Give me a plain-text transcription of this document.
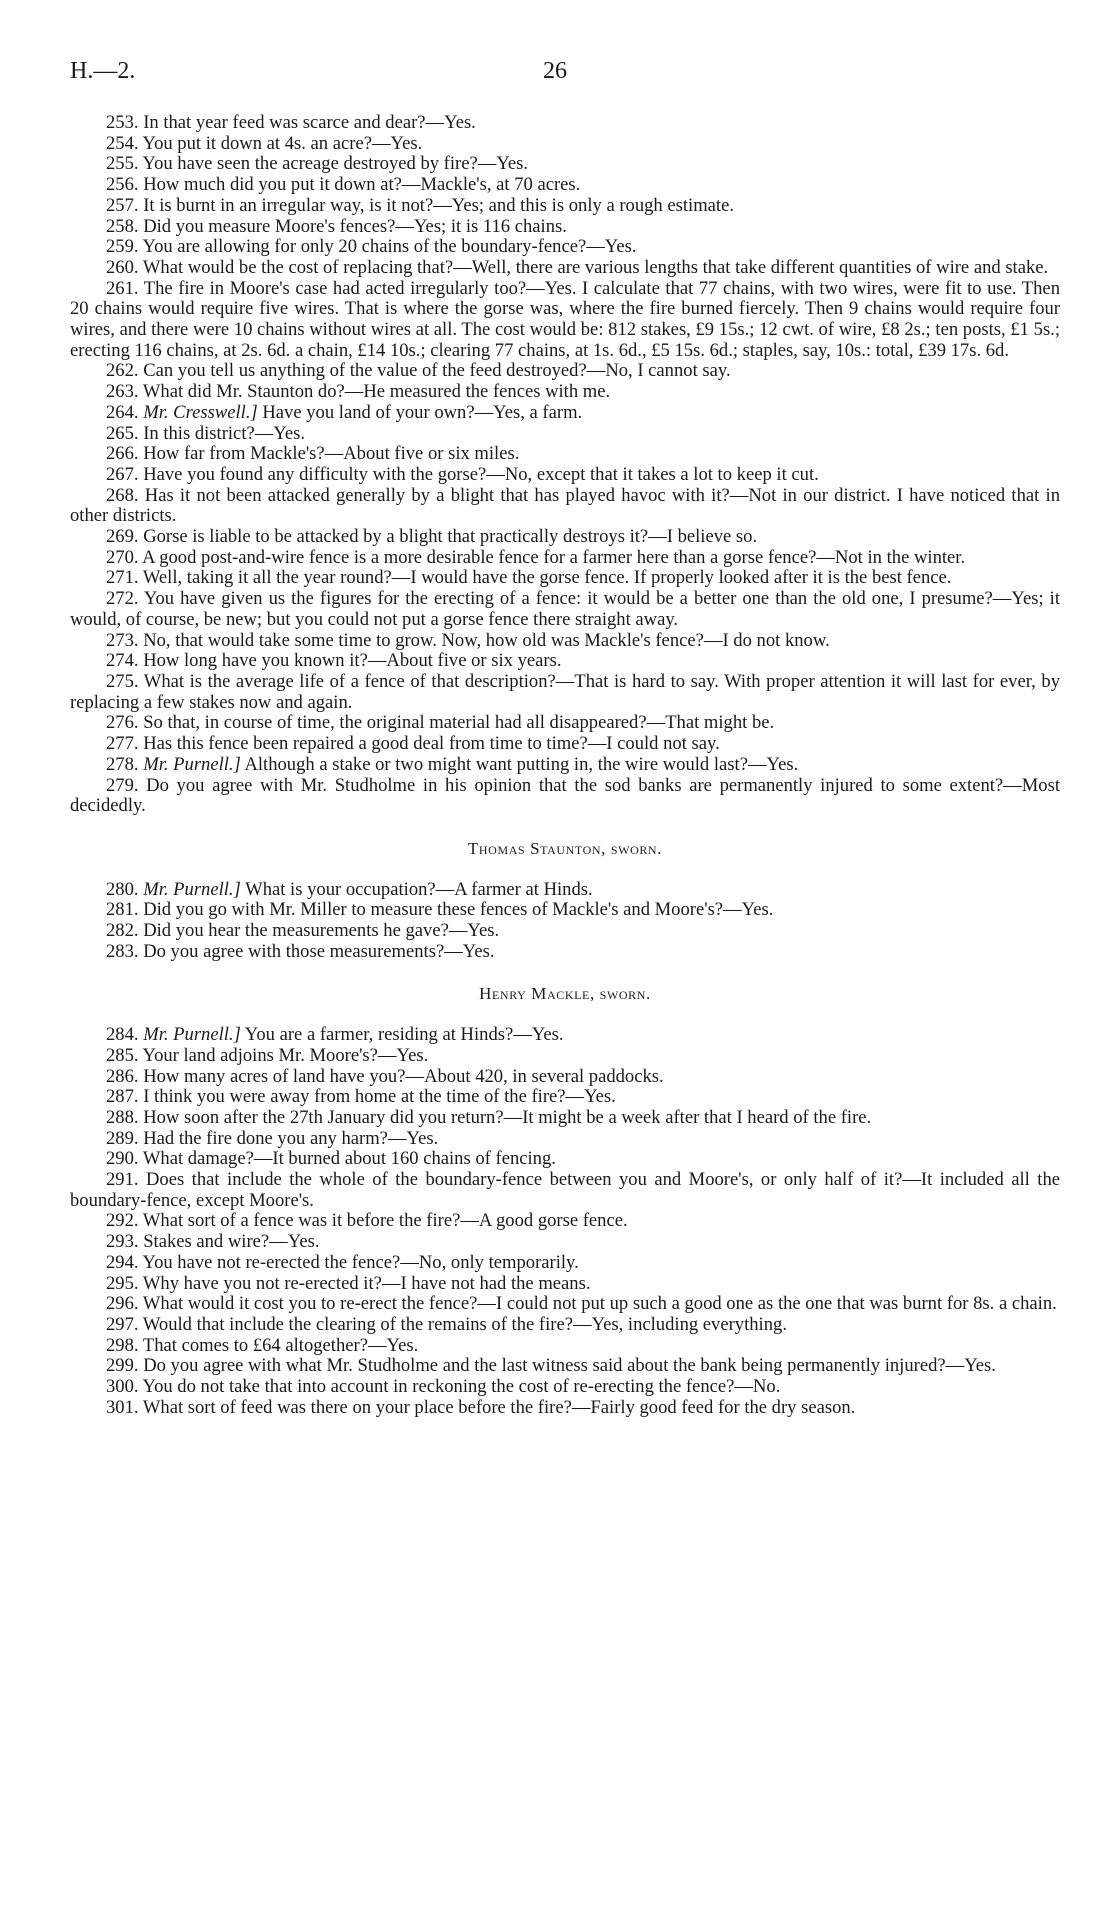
H.—2.	26

253. In that year feed was scarce and dear?—Yes.

254. You put it down at 4s. an acre?—Yes.

255. You have seen the acreage destroyed by fire?—Yes.

256. How much did you put it down at?—Mackle's, at 70 acres.

257. It is burnt in an irregular way, is it not?—Yes; and this is only a rough estimate.

258. Did you measure Moore's fences?—Yes; it is 116 chains.

259. You are allowing for only 20 chains of the boundary-fence?—Yes.

260. What would be the cost of replacing that?—Well, there are various lengths that take different quantities of wire and stake.

261. The fire in Moore's case had acted irregularly too?—Yes. I calculate that 77 chains, with two wires, were fit to use. Then 20 chains would require five wires. That is where the gorse was, where the fire burned fiercely. Then 9 chains would require four wires, and there were 10 chains without wires at all. The cost would be: 812 stakes, £9 15s.; 12 cwt. of wire, £8 2s.; ten posts, £1 5s.; erecting 116 chains, at 2s. 6d. a chain, £14 10s.; clearing 77 chains, at 1s. 6d., £5 15s. 6d.; staples, say, 10s.: total, £39 17s. 6d.

262. Can you tell us anything of the value of the feed destroyed?—No, I cannot say.

263. What did Mr. Staunton do?—He measured the fences with me.

264. Mr. Cresswell.] Have you land of your own?—Yes, a farm.

265. In this district?—Yes.

266. How far from Mackle's?—About five or six miles.

267. Have you found any difficulty with the gorse?—No, except that it takes a lot to keep it cut.

268. Has it not been attacked generally by a blight that has played havoc with it?—Not in our district. I have noticed that in other districts.

269. Gorse is liable to be attacked by a blight that practically destroys it?—I believe so.

270. A good post-and-wire fence is a more desirable fence for a farmer here than a gorse fence?—Not in the winter.

271. Well, taking it all the year round?—I would have the gorse fence. If properly looked after it is the best fence.

272. You have given us the figures for the erecting of a fence: it would be a better one than the old one, I presume?—Yes; it would, of course, be new; but you could not put a gorse fence there straight away.

273. No, that would take some time to grow. Now, how old was Mackle's fence?—I do not know.

274. How long have you known it?—About five or six years.

275. What is the average life of a fence of that description?—That is hard to say. With proper attention it will last for ever, by replacing a few stakes now and again.

276. So that, in course of time, the original material had all disappeared?—That might be.

277. Has this fence been repaired a good deal from time to time?—I could not say.

278. Mr. Purnell.] Although a stake or two might want putting in, the wire would last?—Yes.

279. Do you agree with Mr. Studholme in his opinion that the sod banks are permanently injured to some extent?—Most decidedly.

Thomas Staunton, sworn.

280. Mr. Purnell.] What is your occupation?—A farmer at Hinds.

281. Did you go with Mr. Miller to measure these fences of Mackle's and Moore's?—Yes.

282. Did you hear the measurements he gave?—Yes.

283. Do you agree with those measurements?—Yes.

Henry Mackle, sworn.

284. Mr. Purnell.] You are a farmer, residing at Hinds?—Yes.

285. Your land adjoins Mr. Moore's?—Yes.

286. How many acres of land have you?—About 420, in several paddocks.

287. I think you were away from home at the time of the fire?—Yes.

288. How soon after the 27th January did you return?—It might be a week after that I heard of the fire.

289. Had the fire done you any harm?—Yes.

290. What damage?—It burned about 160 chains of fencing.

291. Does that include the whole of the boundary-fence between you and Moore's, or only half of it?—It included all the boundary-fence, except Moore's.

292. What sort of a fence was it before the fire?—A good gorse fence.

293. Stakes and wire?—Yes.

294. You have not re-erected the fence?—No, only temporarily.

295. Why have you not re-erected it?—I have not had the means.

296. What would it cost you to re-erect the fence?—I could not put up such a good one as the one that was burnt for 8s. a chain.

297. Would that include the clearing of the remains of the fire?—Yes, including everything.

298. That comes to £64 altogether?—Yes.

299. Do you agree with what Mr. Studholme and the last witness said about the bank being permanently injured?—Yes.

300. You do not take that into account in reckoning the cost of re-erecting the fence?—No.

301. What sort of feed was there on your place before the fire?—Fairly good feed for the dry season.
